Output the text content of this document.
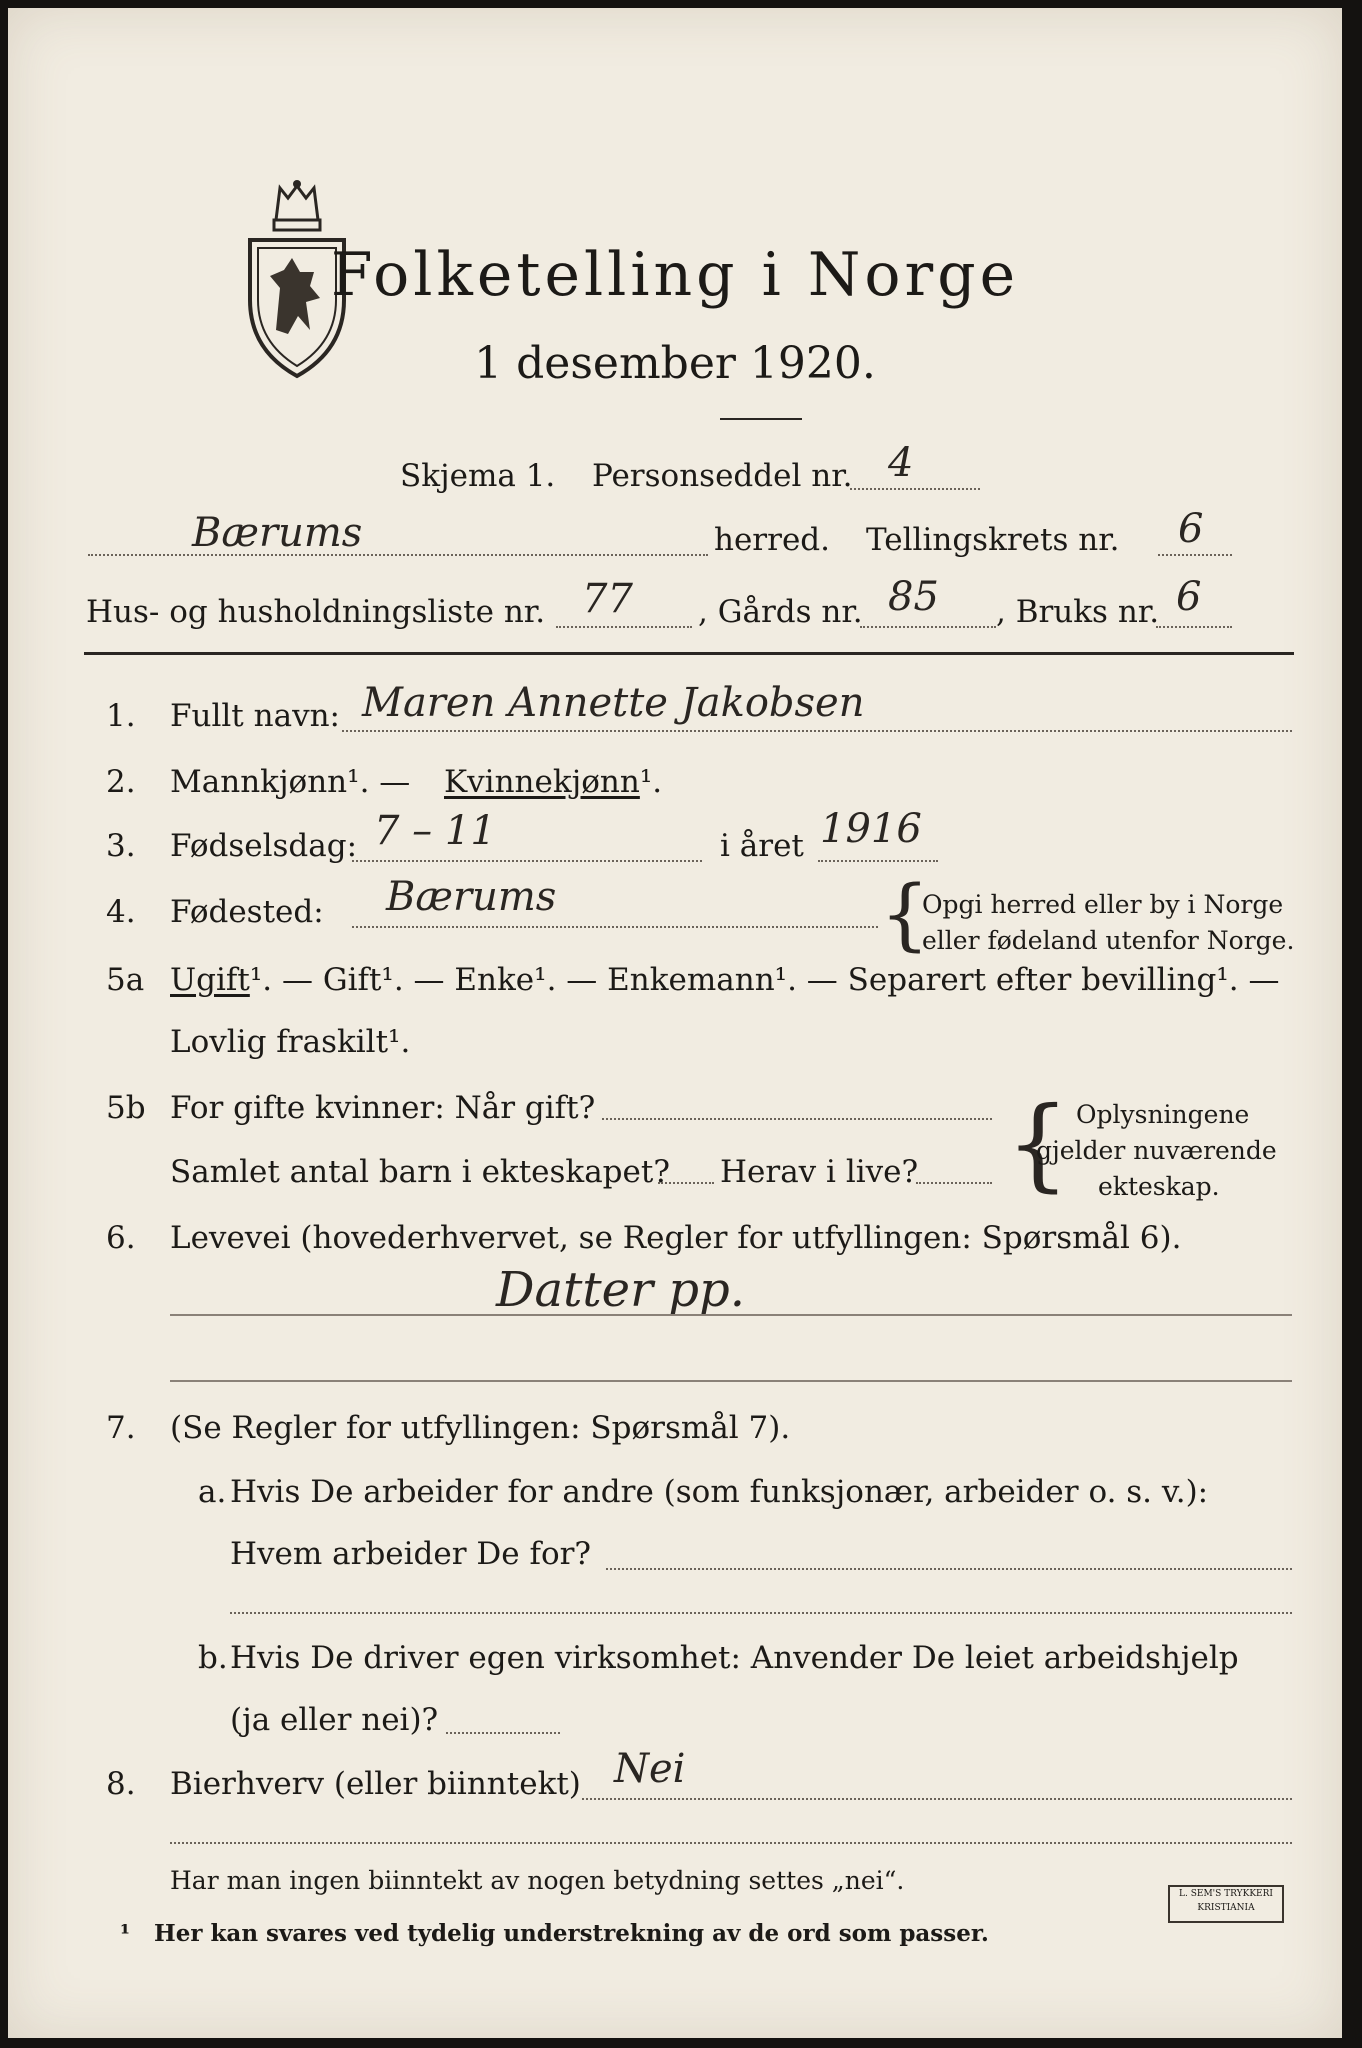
Folketelling i Norge
1 desember 1920.
Skjema 1. Personseddel nr. 4
Bærums	herred. Tellingskrets nr. 6
Hus- og husholdningsliste nr. 77 , Gårds nr. 85 , Bruks nr. 6
1. Fullt navn: Maren Annette Jakobsen
2. Mannkjønn¹. — Kvinnekjønn¹.
3. Fødselsdag: 7 – 11	i året 1916
4. Fødested: Bærums	{
Opgi herred eller by i Norge
eller fødeland utenfor Norge.
5a Ugift¹. — Gift¹. — Enke¹. — Enkemann¹. — Separert efter bevilling¹. —
Lovlig fraskilt¹.
5b For gifte kvinner: Når gift?
Samlet antal barn i ekteskapet? Herav i live? { Oplysningene
gjelder nuværende
ekteskap.
6. Levevei (hovederhvervet, se Regler for utfyllingen: Spørsmål 6).
Datter pp.
7. (Se Regler for utfyllingen: Spørsmål 7).
a. Hvis De arbeider for andre (som funksjonær, arbeider o. s. v.):
Hvem arbeider De for?
b. Hvis De driver egen virksomhet: Anvender De leiet arbeidshjelp
(ja eller nei)?
8. Bierhverv (eller biinntekt) Nei
Har man ingen biinntekt av nogen betydning settes „nei“.
¹ Her kan svares ved tydelig understrekning av de ord som passer.
L. SEM'S TRYKKERI KRISTIANIA
